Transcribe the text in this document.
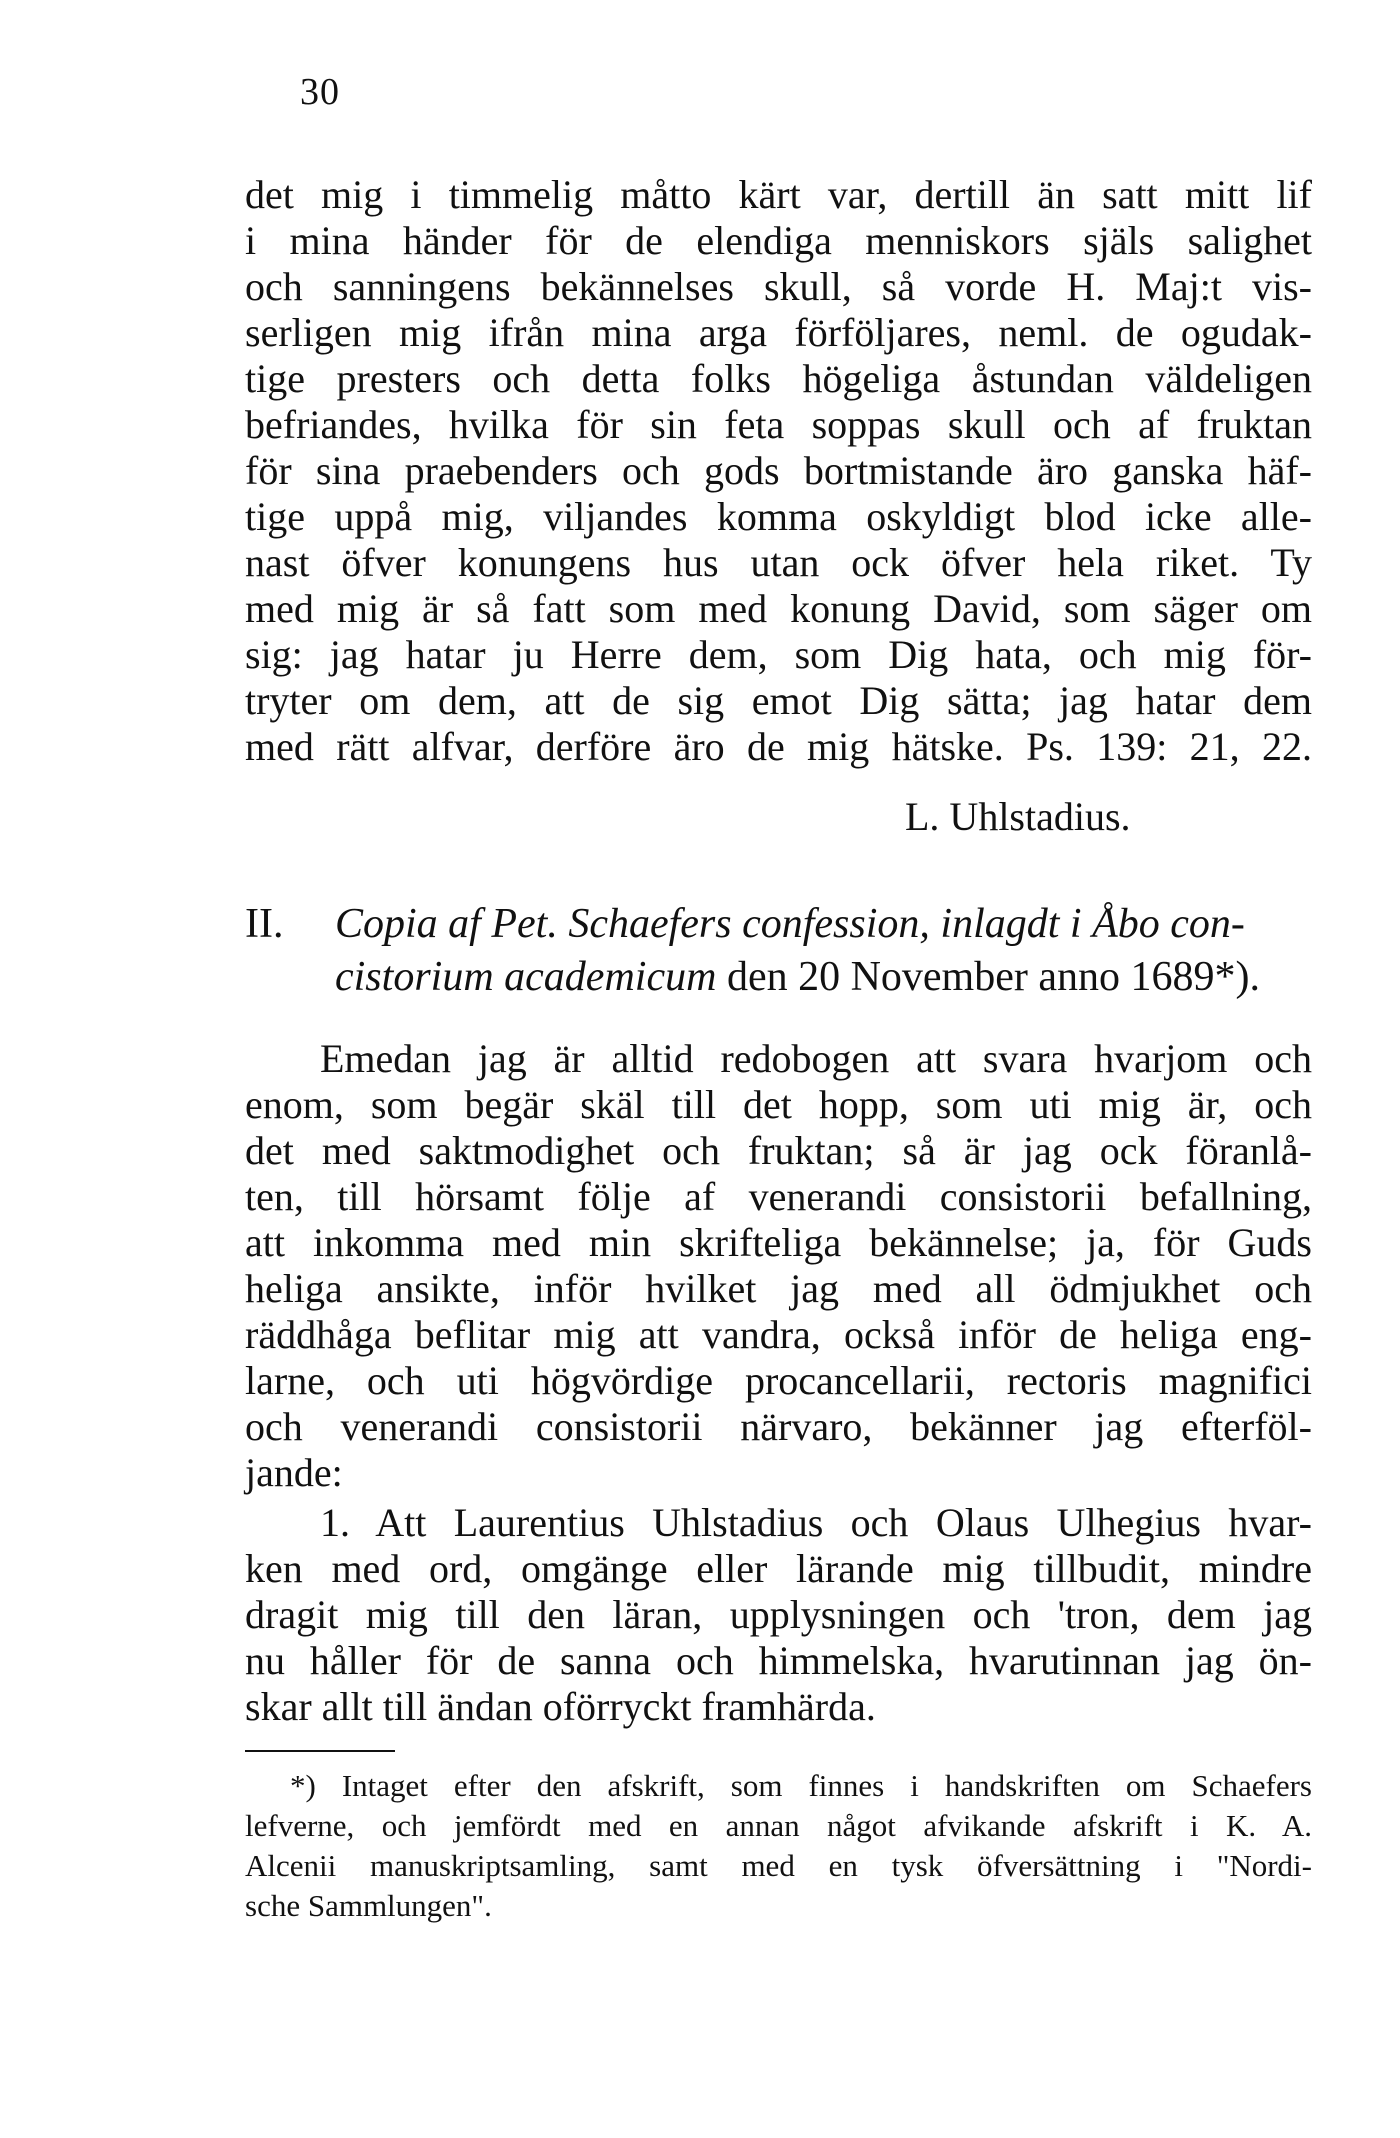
30
det mig i timmelig måtto kärt var, dertill än satt mitt lif
i mina händer för de elendiga menniskors själs salighet
och sanningens bekännelses skull, så vorde H. Maj:t vis-
serligen mig ifrån mina arga förföljares, neml. de ogudak-
tige presters och detta folks högeliga åstundan väldeligen
befriandes, hvilka för sin feta soppas skull och af fruktan
för sina praebenders och gods bortmistande äro ganska häf-
tige uppå mig, viljandes komma oskyldigt blod icke alle-
nast öfver konungens hus utan ock öfver hela riket. Ty
med mig är så fatt som med konung David, som säger om
sig: jag hatar ju Herre dem, som Dig hata, och mig för-
tryter om dem, att de sig emot Dig sätta; jag hatar dem
med rätt alfvar, derföre äro de mig hätske. Ps. 139: 21, 22.
L. Uhlstadius.
II. Copia af Pet. Schaefers confession, inlagdt i Åbo con-
cistorium academicum den 20 November anno 1689*).
Emedan jag är alltid redobogen att svara hvarjom och
enom, som begär skäl till det hopp, som uti mig är, och
det med saktmodighet och fruktan; så är jag ock föranlå-
ten, till hörsamt följe af venerandi consistorii befallning,
att inkomma med min skrifteliga bekännelse; ja, för Guds
heliga ansikte, inför hvilket jag med all ödmjukhet och
räddhåga beflitar mig att vandra, också inför de heliga eng-
larne, och uti högvördige procancellarii, rectoris magnifici
och venerandi consistorii närvaro, bekänner jag efterföl-
jande:
1. Att Laurentius Uhlstadius och Olaus Ulhegius hvar-
ken med ord, omgänge eller lärande mig tillbudit, mindre
dragit mig till den läran, upplysningen och 'tron, dem jag
nu håller för de sanna och himmelska, hvarutinnan jag ön-
skar allt till ändan oförryckt framhärda.
*) Intaget efter den afskrift, som finnes i handskriften om Schaefers
lefverne, och jemfördt med en annan något afvikande afskrift i K. A.
Alcenii manuskriptsamling, samt med en tysk öfversättning i "Nordi-
sche Sammlungen".
